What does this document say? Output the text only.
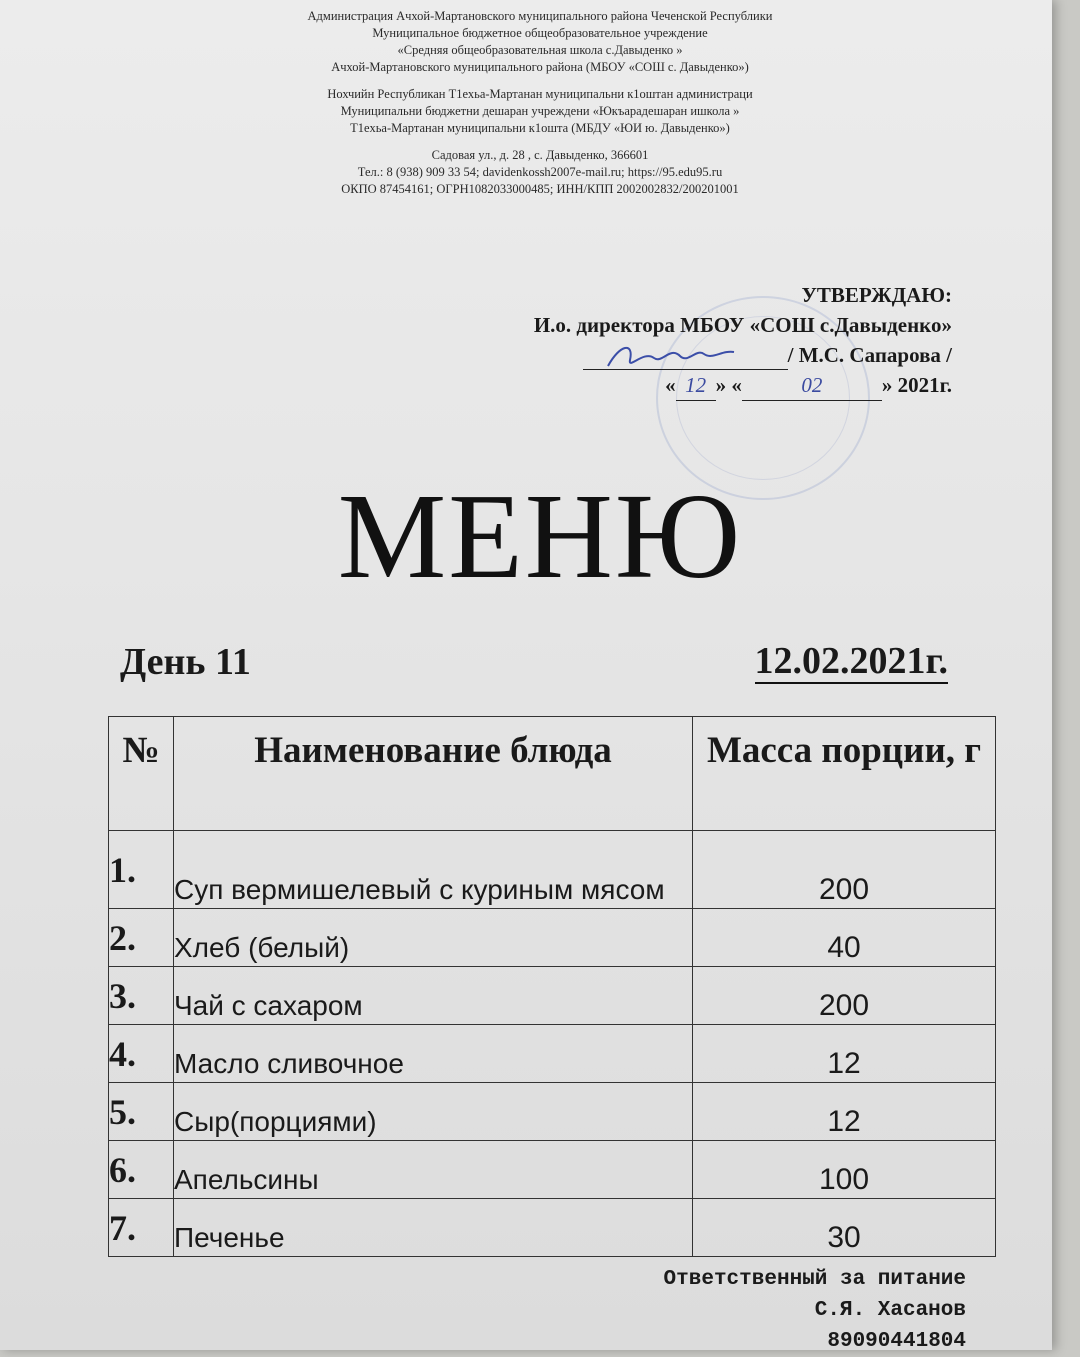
Администрация Ачхой-Мартановского муниципального района Чеченской Республики
Муниципальное бюджетное общеобразовательное учреждение
«Средняя общеобразовательная школа с.Давыденко »
Ачхой-Мартановского муниципального района (МБОУ «СОШ с. Давыденко»)
Нохчийн Республикан Т1ехьа-Мартанан муниципальни к1оштан администраци
Муниципальни бюджетни дешаран учреждени «Юкъарадешаран ишкола »
Т1ехьа-Мартанан муниципальни к1ошта (МБДУ «ЮИ ю. Давыденко»)
Садовая ул., д. 28 , с. Давыденко, 366601
Тел.: 8 (938) 909 33 54; davidenkossh2007e-mail.ru; https://95.edu95.ru
ОКПО 87454161; ОГРН1082033000485; ИНН/КПП 2002002832/200201001
УТВЕРЖДАЮ:
И.о. директора МБОУ «СОШ с.Давыденко»
/ М.С. Сапарова /
« 12 » «	02	» 2021г.
МЕНЮ
День 11	12.02.2021г.
№	Наименование блюда	Масса порции, г
1.	Суп вермишелевый с куриным мясом	200
2.	Хлеб (белый)	40
3.	Чай с сахаром	200
4.	Масло сливочное	12
5.	Сыр(порциями)	12
6.	Апельсины	100
7.	Печенье	30
Ответственный за питание
С.Я. Хасанов
89090441804
